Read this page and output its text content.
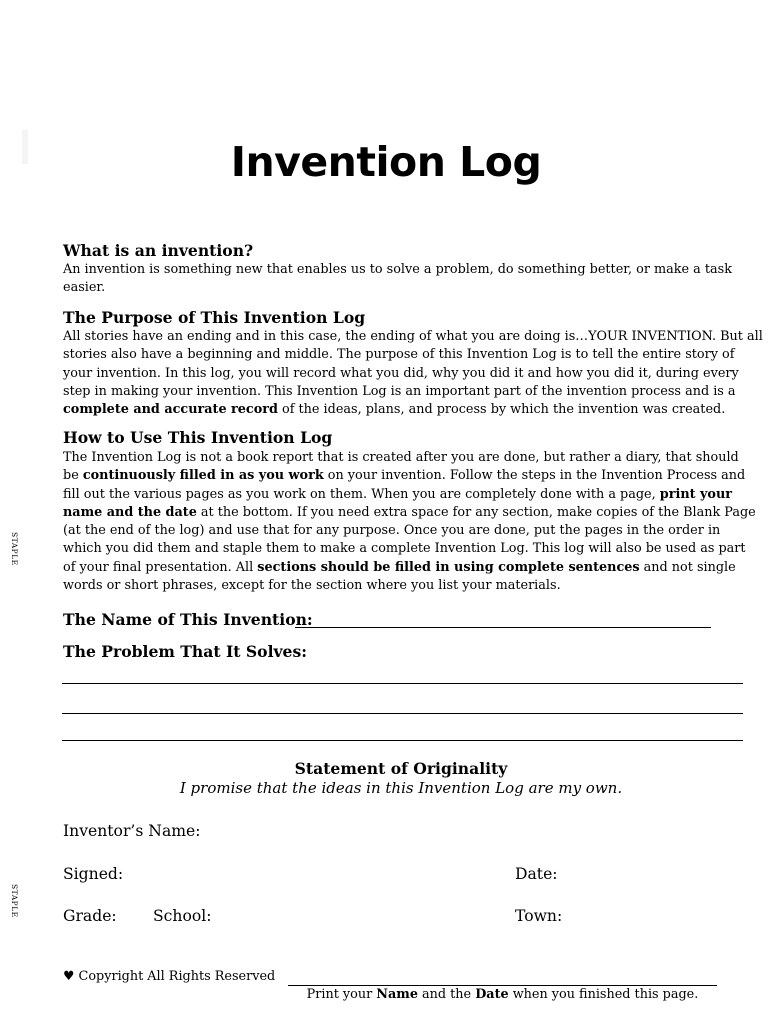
Invention Log
What is an invention?
An invention is something new that enables us to solve a problem, do something better, or make a task
easier.
The Purpose of This Invention Log
All stories have an ending and in this case, the ending of what you are doing is…YOUR INVENTION. But all
stories also have a beginning and middle. The purpose of this Invention Log is to tell the entire story of
your invention. In this log, you will record what you did, why you did it and how you did it, during every
step in making your invention. This Invention Log is an important part of the invention process and is a
complete and accurate record of the ideas, plans, and process by which the invention was created.
How to Use This Invention Log
The Invention Log is not a book report that is created after you are done, but rather a diary, that should
be continuously filled in as you work on your invention. Follow the steps in the Invention Process and
fill out the various pages as you work on them. When you are completely done with a page, print your
name and the date at the bottom. If you need extra space for any section, make copies of the Blank Page
(at the end of the log) and use that for any purpose. Once you are done, put the pages in the order in
which you did them and staple them to make a complete Invention Log. This log will also be used as part
of your final presentation. All sections should be filled in using complete sentences and not single
words or short phrases, except for the section where you list your materials.
STAPLE
STAPLE
The Name of This Invention:
The Problem That It Solves:
Statement of Originality
I promise that the ideas in this Invention Log are my own.
Inventor’s Name:
Signed:	Date:
Grade: School:	Town:
♥ Copyright All Rights Reserved
Print your Name and the Date when you finished this page.
